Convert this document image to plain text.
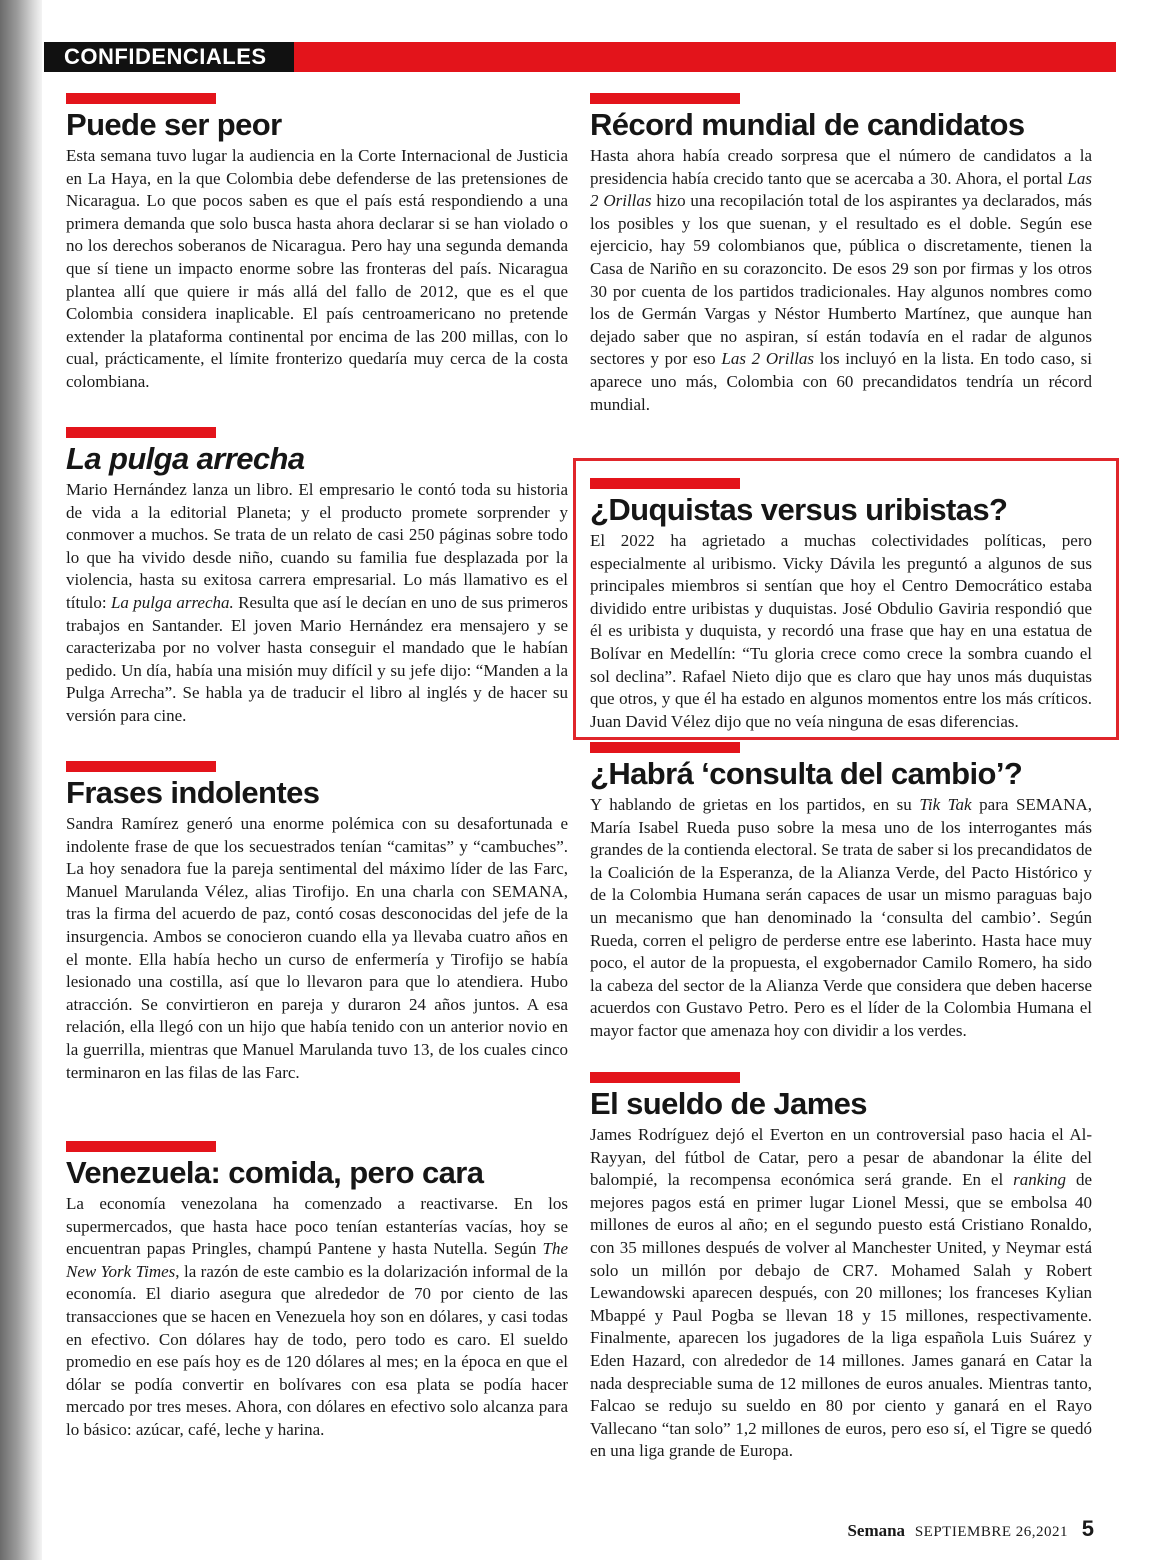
CONFIDENCIALES
Puede ser peor

Esta semana tuvo lugar la audiencia en la Corte Internacional de Justicia en La Haya, en la que Colombia debe defenderse de las pretensiones de Nicaragua. Lo que pocos saben es que el país está respondiendo a una primera demanda que solo busca hasta ahora declarar si se han violado o no los derechos soberanos de Nicaragua. Pero hay una segunda demanda que sí tiene un impacto enorme sobre las fronteras del país. Nicaragua plantea allí que quiere ir más allá del fallo de 2012, que es el que Colombia considera inaplicable. El país centroamericano no pretende extender la plataforma continental por encima de las 200 millas, con lo cual, prácticamente, el límite fronterizo quedaría muy cerca de la costa colombiana.

La pulga arrecha

Mario Hernández lanza un libro. El empresario le contó toda su historia de vida a la editorial Planeta; y el producto promete sorprender y conmover a muchos. Se trata de un relato de casi 250 páginas sobre todo lo que ha vivido desde niño, cuando su familia fue desplazada por la violencia, hasta su exitosa carrera empresarial. Lo más llamativo es el título: La pulga arrecha. Resulta que así le decían en uno de sus primeros trabajos en Santander. El joven Mario Hernández era mensajero y se caracterizaba por no volver hasta conseguir el mandado que le habían pedido. Un día, había una misión muy difícil y su jefe dijo: “Manden a la Pulga Arrecha”. Se habla ya de traducir el libro al inglés y de hacer su versión para cine.

Frases indolentes

Sandra Ramírez generó una enorme polémica con su desafortunada e indolente frase de que los secuestrados tenían “camitas” y “cambuches”. La hoy senadora fue la pareja sentimental del máximo líder de las Farc, Manuel Marulanda Vélez, alias Tirofijo. En una charla con SEMANA, tras la firma del acuerdo de paz, contó cosas desconocidas del jefe de la insurgencia. Ambos se conocieron cuando ella ya llevaba cuatro años en el monte. Ella había hecho un curso de enfermería y Tirofijo se había lesionado una costilla, así que lo llevaron para que lo atendiera. Hubo atracción. Se convirtieron en pareja y duraron 24 años juntos. A esa relación, ella llegó con un hijo que había tenido con un anterior novio en la guerrilla, mientras que Manuel Marulanda tuvo 13, de los cuales cinco terminaron en las filas de las Farc.

Venezuela: comida, pero cara

La economía venezolana ha comenzado a reactivarse. En los supermercados, que hasta hace poco tenían estanterías vacías, hoy se encuentran papas Pringles, champú Pantene y hasta Nutella. Según The New York Times, la razón de este cambio es la dolarización informal de la economía. El diario asegura que alrededor de 70 por ciento de las transacciones que se hacen en Venezuela hoy son en dólares, y casi todas en efectivo. Con dólares hay de todo, pero todo es caro. El sueldo promedio en ese país hoy es de 120 dólares al mes; en la época en que el dólar se podía convertir en bolívares con esa plata se podía hacer mercado por tres meses. Ahora, con dólares en efectivo solo alcanza para lo básico: azúcar, café, leche y harina.

Récord mundial de candidatos

Hasta ahora había creado sorpresa que el número de candidatos a la presidencia había crecido tanto que se acercaba a 30. Ahora, el portal Las 2 Orillas hizo una recopilación total de los aspirantes ya declarados, más los posibles y los que suenan, y el resultado es el doble. Según ese ejercicio, hay 59 colombianos que, pública o discretamente, tienen la Casa de Nariño en su corazoncito. De esos 29 son por firmas y los otros 30 por cuenta de los partidos tradicionales. Hay algunos nombres como los de Germán Vargas y Néstor Humberto Martínez, que aunque han dejado saber que no aspiran, sí están todavía en el radar de algunos sectores y por eso Las 2 Orillas los incluyó en la lista. En todo caso, si aparece uno más, Colombia con 60 precandidatos tendría un récord mundial.

¿Duquistas versus uribistas?

El 2022 ha agrietado a muchas colectividades políticas, pero especialmente al uribismo. Vicky Dávila les preguntó a algunos de sus principales miembros si sentían que hoy el Centro Democrático estaba dividido entre uribistas y duquistas. José Obdulio Gaviria respondió que él es uribista y duquista, y recordó una frase que hay en una estatua de Bolívar en Medellín: “Tu gloria crece como crece la sombra cuando el sol declina”. Rafael Nieto dijo que es claro que hay unos más duquistas que otros, y que él ha estado en algunos momentos entre los más críticos. Juan David Vélez dijo que no veía ninguna de esas diferencias.

¿Habrá ‘consulta del cambio’?

Y hablando de grietas en los partidos, en su Tik Tak para SEMANA, María Isabel Rueda puso sobre la mesa uno de los interrogantes más grandes de la contienda electoral. Se trata de saber si los precandidatos de la Coalición de la Esperanza, de la Alianza Verde, del Pacto Histórico y de la Colombia Humana serán capaces de usar un mismo paraguas bajo un mecanismo que han denominado la ‘consulta del cambio’. Según Rueda, corren el peligro de perderse entre ese laberinto. Hasta hace muy poco, el autor de la propuesta, el exgobernador Camilo Romero, ha sido la cabeza del sector de la Alianza Verde que considera que deben hacerse acuerdos con Gustavo Petro. Pero es el líder de la Colombia Humana el mayor factor que amenaza hoy con dividir a los verdes.

El sueldo de James

James Rodríguez dejó el Everton en un controversial paso hacia el Al-Rayyan, del fútbol de Catar, pero a pesar de abandonar la élite del balompié, la recompensa económica será grande. En el ranking de mejores pagos está en primer lugar Lionel Messi, que se embolsa 40 millones de euros al año; en el segundo puesto está Cristiano Ronaldo, con 35 millones después de volver al Manchester United, y Neymar está solo un millón por debajo de CR7. Mohamed Salah y Robert Lewandowski aparecen después, con 20 millones; los franceses Kylian Mbappé y Paul Pogba se llevan 18 y 15 millones, respectivamente. Finalmente, aparecen los jugadores de la liga española Luis Suárez y Eden Hazard, con alrededor de 14 millones. James ganará en Catar la nada despreciable suma de 12 millones de euros anuales. Mientras tanto, Falcao se redujo su sueldo en 80 por ciento y ganará en el Rayo Vallecano “tan solo” 1,2 millones de euros, pero eso sí, el Tigre se quedó en una liga grande de Europa.

Semana SEPTIEMBRE 26,2021 5
